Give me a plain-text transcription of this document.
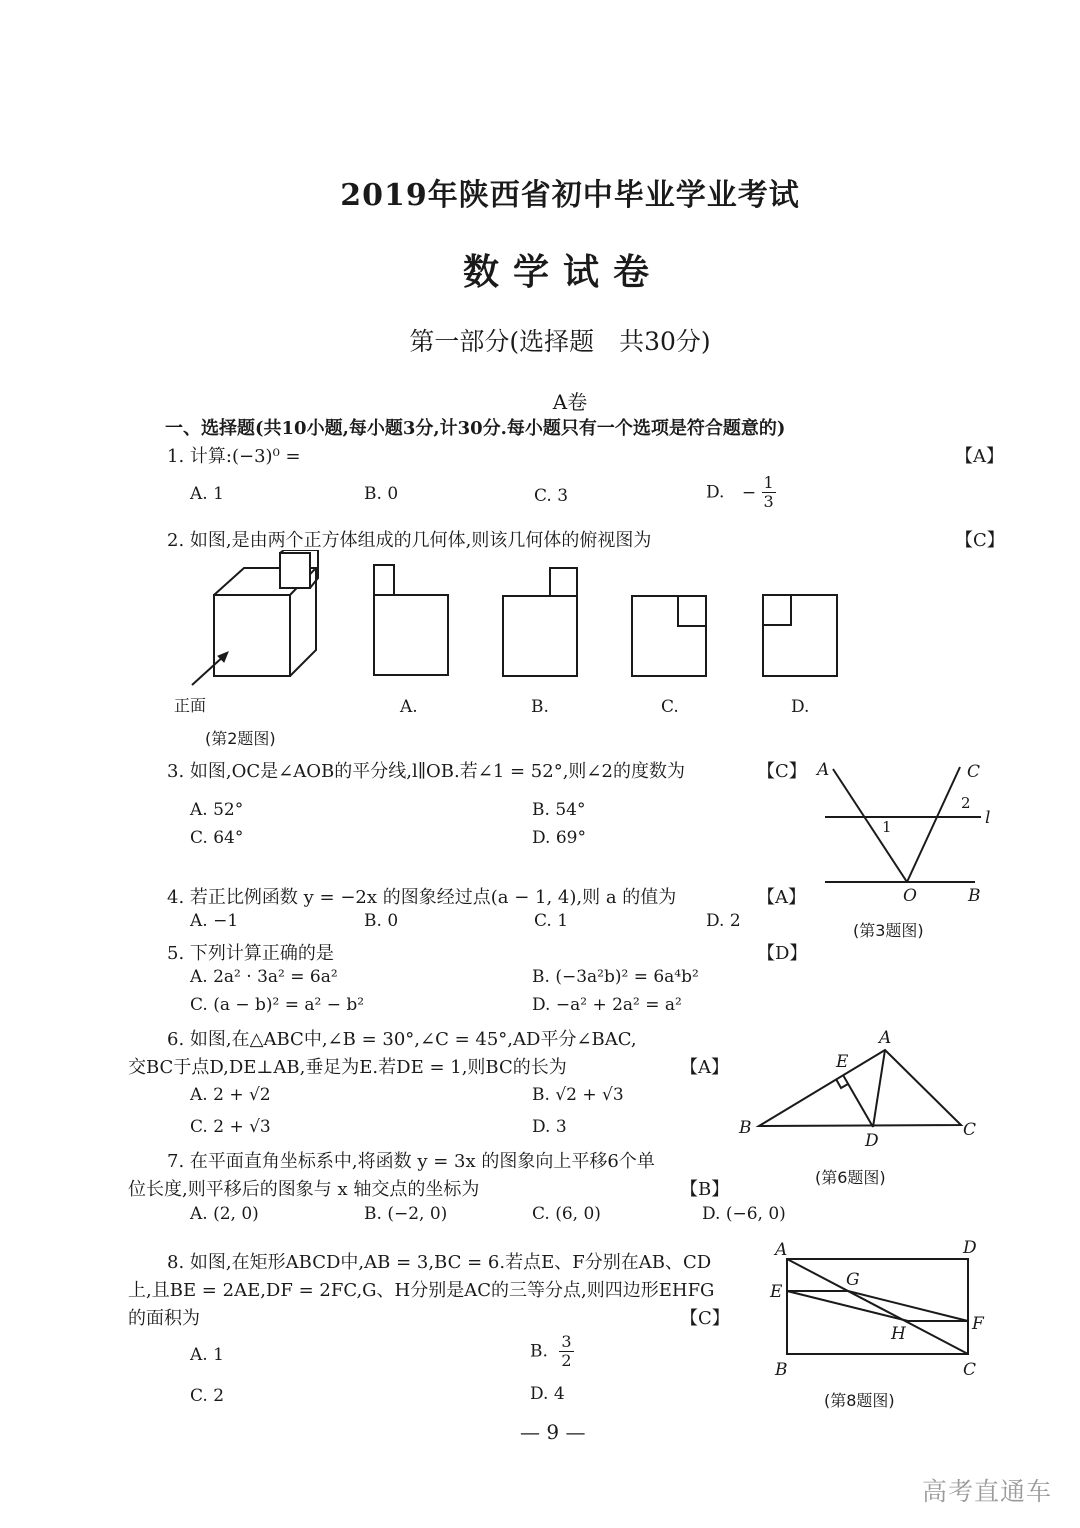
2019年陕西省初中毕业学业考试
数学试卷
第一部分(选择题　共30分)
A卷
一、选择题(共10小题,每小题3分,计30分.每小题只有一个选项是符合题意的)
1. 计算:(−3)⁰ =	【A】
A. 1	B. 0	C. 3	D. − $\frac{1}{3}$
2. 如图,是由两个正方体组成的几何体,则该几何体的俯视图为	【C】
正面	A.	B.	C.	D.
(第2题图)
3. 如图,OC是∠AOB的平分线,l∥OB.若∠1 = 52°,则∠2的度数为	【C】
A. 52°	B. 54°
C. 64°	D. 69°
A	C
2
l
1
O	B
(第3题图)
4. 若正比例函数 y = −2x 的图象经过点(a − 1, 4),则 a 的值为	【A】
A. −1	B. 0	C. 1	D. 2
5. 下列计算正确的是	【D】
A. 2a² · 3a² = 6a²	B. (−3a²b)² = 6a⁴b²
C. (a − b)² = a² − b²	D. −a² + 2a² = a²
6. 如图,在△ABC中,∠B = 30°,∠C = 45°,AD平分∠BAC,
交BC于点D,DE⊥AB,垂足为E.若DE = 1,则BC的长为	【A】
A. 2 + √2	B. √2 + √3
C. 2 + √3	D. 3
A
E
B	C
D
(第6题图)
7. 在平面直角坐标系中,将函数 y = 3x 的图象向上平移6个单
位长度,则平移后的图象与 x 轴交点的坐标为	【B】
A. (2, 0)	B. (−2, 0)	C. (6, 0)	D. (−6, 0)
8. 如图,在矩形ABCD中,AB = 3,BC = 6.若点E、F分别在AB、CD
上,且BE = 2AE,DF = 2FC,G、H分别是AC的三等分点,则四边形EHFG
的面积为	【C】
A. 1	B. $\frac{3}{2}$
C. 2	D. 4
A	D
E
G
F
H
B	C
(第8题图)
— 9 —
高考直通车
